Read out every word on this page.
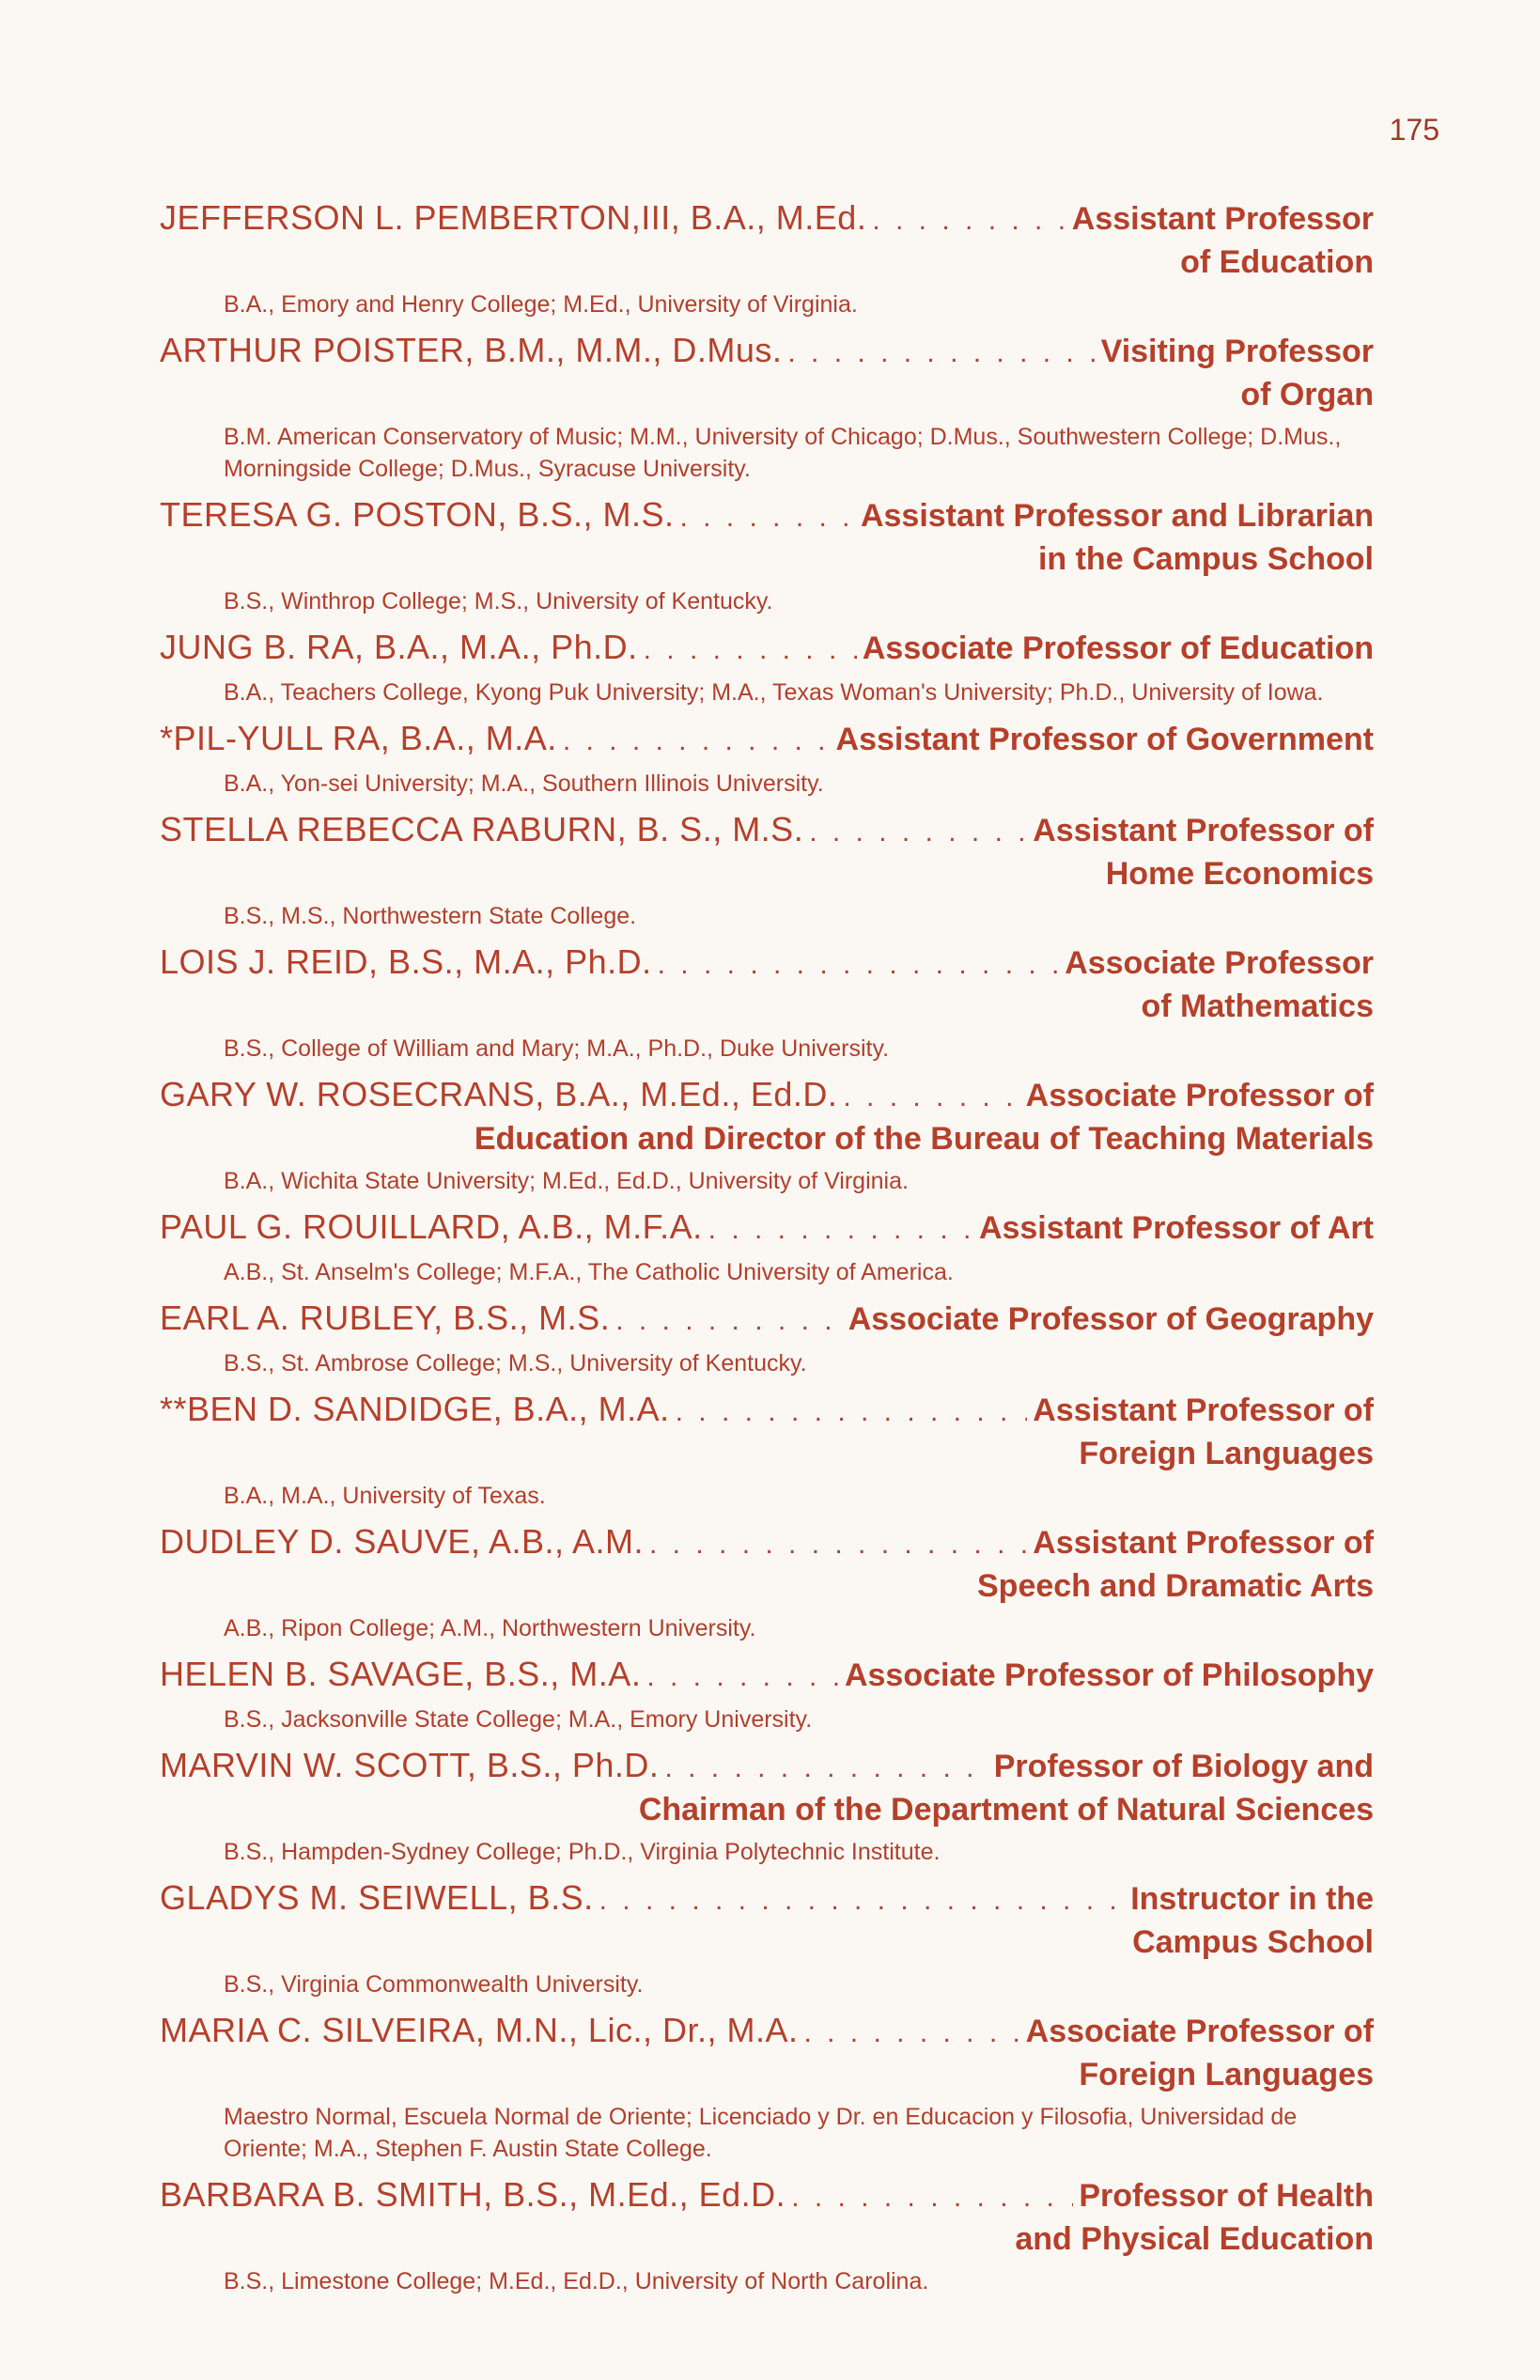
175
JEFFERSON L. PEMBERTON,III, B.A., M.Ed. . . .	Assistant Professor
of Education
B.A., Emory and Henry College; M.Ed., University of Virginia.
ARTHUR POISTER, B.M., M.M., D.Mus. . . .	Visiting Professor
of Organ
B.M. American Conservatory of Music; M.M., University of Chicago; D.Mus., Southwestern College; D.Mus., Morningside College; D.Mus., Syracuse University.
TERESA G. POSTON, B.S., M.S. . . .	Assistant Professor and Librarian
in the Campus School
B.S., Winthrop College; M.S., University of Kentucky.
JUNG B. RA, B.A., M.A., Ph.D. . . .	Associate Professor of Education
B.A., Teachers College, Kyong Puk University; M.A., Texas Woman's University; Ph.D., University of Iowa.
*PIL-YULL RA, B.A., M.A. . . .	Assistant Professor of Government
B.A., Yon-sei University; M.A., Southern Illinois University.
STELLA REBECCA RABURN, B. S., M.S. . . .	Assistant Professor of
Home Economics
B.S., M.S., Northwestern State College.
LOIS J. REID, B.S., M.A., Ph.D. . . .	Associate Professor
of Mathematics
B.S., College of William and Mary; M.A., Ph.D., Duke University.
GARY W. ROSECRANS, B.A., M.Ed., Ed.D. . . .	Associate Professor of
Education and Director of the Bureau of Teaching Materials
B.A., Wichita State University; M.Ed., Ed.D., University of Virginia.
PAUL G. ROUILLARD, A.B., M.F.A. . . .	Assistant Professor of Art
A.B., St. Anselm's College; M.F.A., The Catholic University of America.
EARL A. RUBLEY, B.S., M.S. . . .	Associate Professor of Geography
B.S., St. Ambrose College; M.S., University of Kentucky.
**BEN D. SANDIDGE, B.A., M.A. . . .	Assistant Professor of
Foreign Languages
B.A., M.A., University of Texas.
DUDLEY D. SAUVE, A.B., A.M. . . .	Assistant Professor of
Speech and Dramatic Arts
A.B., Ripon College; A.M., Northwestern University.
HELEN B. SAVAGE, B.S., M.A. . . .	Associate Professor of Philosophy
B.S., Jacksonville State College; M.A., Emory University.
MARVIN W. SCOTT, B.S., Ph.D. . . .	Professor of Biology and
Chairman of the Department of Natural Sciences
B.S., Hampden-Sydney College; Ph.D., Virginia Polytechnic Institute.
GLADYS M. SEIWELL, B.S. . . .	Instructor in the
Campus School
B.S., Virginia Commonwealth University.
MARIA C. SILVEIRA, M.N., Lic., Dr., M.A. . . .	Associate Professor of
Foreign Languages
Maestro Normal, Escuela Normal de Oriente; Licenciado y Dr. en Educacion y Filosofia, Universidad de Oriente; M.A., Stephen F. Austin State College.
BARBARA B. SMITH, B.S., M.Ed., Ed.D. . . .	Professor of Health
and Physical Education
B.S., Limestone College; M.Ed., Ed.D., University of North Carolina.
